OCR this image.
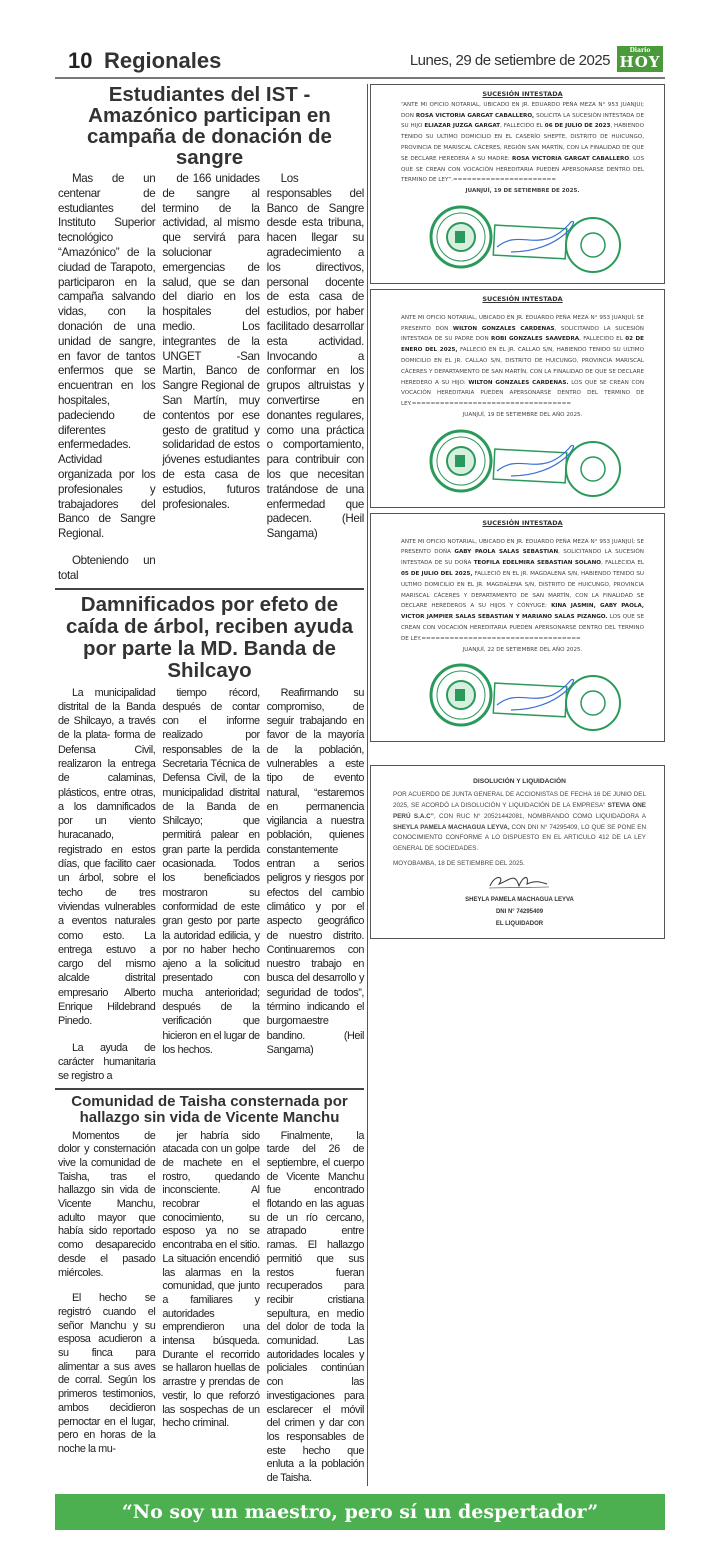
10 Regionales	Lunes, 29 de setiembre de 2025
Diario
HOY
Estudiantes del IST -Amazónico participan en campaña de donación de sangre

Mas de un centenar de estudiantes del Instituto Superior tecnológico “Amazónico” de la ciudad de Tarapoto, participaron en la campaña salvando vidas, con la donación de una unidad de sangre, en favor de tantos enfermos que se encuentran en los hospitales, padeciendo de diferentes enfermedades. Actividad organizada por los profesionales y trabajadores del Banco de Sangre Regional.

Obteniendo un total

de 166 unidades de sangre al termino de la actividad, al mismo que servirá para solucionar emergencias de salud, que se dan del diario en los hospitales del medio. Los integrantes de la UNGET -San Martin, Banco de Sangre Regional de San Martín, muy contentos por ese gesto de gratitud y solidaridad de estos jóvenes estudiantes de esta casa de estudios, futuros profesionales.

Los responsables del Banco de Sangre desde esta tribuna, hacen llegar su agradecimiento a los directivos, personal docente de esta casa de estudios, por haber facilitado desarrollar esta actividad. Invocando a conformar en los grupos altruistas y convertirse en donantes regulares, como una práctica o comportamiento, para contribuir con los que necesitan tratándose de una enfermedad que padecen. (Heil Sangama)

Damnificados por efeto de caída de árbol, reciben ayuda por parte la MD. Banda de Shilcayo

La municipalidad distrital de la Banda de Shilcayo, a través de la plata- forma de Defensa Civil, realizaron la entrega de calaminas, plásticos, entre otras, a los damnificados por un viento huracanado, registrado en estos días, que facilito caer un árbol, sobre el techo de tres viviendas vulnerables a eventos naturales como esto. La entrega estuvo a cargo del mismo alcalde distrital empresario Alberto Enrique Hildebrand Pinedo.

La ayuda de carácter humanitaria se registro a

tiempo récord, después de contar con el informe realizado por responsables de la Secretaria Técnica de Defensa Civil, de la municipalidad distrital de la Banda de Shilcayo; que permitirá palear en gran parte la perdida ocasionada. Todos los beneficiados mostraron su conformidad de este gran gesto por parte la autoridad edilicia, y por no haber hecho ajeno a la solicitud presentado con mucha anterioridad; después de la verificación que hicieron en el lugar de los hechos.

Reafirmando su compromiso, de seguir trabajando en favor de la mayoría de la población, vulnerables a este tipo de evento natural, “estaremos en permanencia vigilancia a nuestra población, quienes constantemente entran a serios peligros y riesgos por efectos del cambio climático y por el aspecto geográfico de nuestro distrito. Continuaremos con nuestro trabajo en busca del desarrollo y seguridad de todos”, término indicando el burgomaestre bandino. (Heil Sangama)

Comunidad de Taisha consternada por hallazgo sin vida de Vicente Manchu

Momentos de dolor y consternación vive la comunidad de Taisha, tras el hallazgo sin vida de Vicente Manchu, adulto mayor que había sido reportado como desaparecido desde el pasado miércoles.

El hecho se registró cuando el señor Manchu y su esposa acudieron a su finca para alimentar a sus aves de corral. Según los primeros testimonios, ambos decidieron pernoctar en el lugar, pero en horas de la noche la mu-

jer habría sido atacada con un golpe de machete en el rostro, quedando inconsciente. Al recobrar el conocimiento, su esposo ya no se encontraba en el sitio. La situación encendió las alarmas en la comunidad, que junto a familiares y autoridades emprendieron una intensa búsqueda. Durante el recorrido se hallaron huellas de arrastre y prendas de vestir, lo que reforzó las sospechas de un hecho criminal.

Finalmente, la tarde del 26 de septiembre, el cuerpo de Vicente Manchu fue encontrado flotando en las aguas de un río cercano, atrapado entre ramas. El hallazgo permitió que sus restos fueran recuperados para recibir cristiana sepultura, en medio del dolor de toda la comunidad. Las autoridades locales y policiales continúan con las investigaciones para esclarecer el móvil del crimen y dar con los responsables de este hecho que enluta a la población de Taisha.

SUCESIÓN INTESTADA
“ANTE MI OFICIO NOTARIAL, UBICADO EN JR. EDUARDO PEÑA MEZA N° 953 JUANJUI; DON ROSA VICTORIA GARGAT CABALLERO, SOLICITA LA SUCESIÓN INTESTADA DE SU HIJO ELIAZAR JUZGA GARGAT, FALLECIDO EL 06 DE JULIO DE 2023, HABIENDO TENIDO SU ULTIMO DOMICILIO EN EL CASERÍO SHEPTE, DISTRITO DE HUICUNGO, PROVINCIA DE MARISCAL CÁCERES, REGIÓN SAN MARTÍN, CON LA FINALIDAD DE QUE SE DECLARE HEREDERA A SU MADRE: ROSA VICTORIA GARGAT CABALLERO. LOS QUE SE CREAN CON VOCACIÓN HEREDITARIA PUEDEN APERSONARSE DENTRO DEL TERMINO DE LEY”.======================
JUANJUÍ, 19 DE SETIEMBRE DE 2025.
SUCESIÓN INTESTADA
ANTE MI OFICIO NOTARIAL, UBICADO EN JR. EDUARDO PEÑA MEZA N° 953 JUANJUÍ; SE PRESENTO DON WILTON GONZALES CARDENAS, SOLICITANDO LA SUCESIÓN INTESTADA DE SU PADRE DON ROBI GONZALES SAAVEDRA, FALLECIDO EL 02 DE ENERO DEL 2025, FALLECIÓ EN EL JR. CALLAO S/N, HABIENDO TENIDO SU ULTIMO DOMICILIO EN EL JR. CALLAO S/N, DISTRITO DE HUICUNGO, PROVINCIA MARISCAL CÁCERES Y DEPARTAMENTO DE SAN MARTÍN, CON LA FINALIDAD DE QUE SE DECLARE HEREDERO A SU HIJO: WILTON GONZALES CARDENAS. LOS QUE SE CREAN CON VOCACIÓN HEREDITARIA PUEDEN APERSONARSE DENTRO DEL TERMINO DE LEY.==================================
JUANJUÍ, 19 DE SETIEMBRE DEL AÑO 2025.
SUCESIÓN INTESTADA
ANTE MI OFICIO NOTARIAL, UBICADO EN JR. EDUARDO PEÑA MEZA N° 953 JUANJUÍ; SE PRESENTO DOÑA GABY PAOLA SALAS SEBASTIAN, SOLICITANDO LA SUCESIÓN INTESTADA DE SU DOÑA TEOFILA EDELMIRA SEBASTIAN SOLANO, FALLECIDA EL 05 DE JULIO DEL 2025, FALLECIÓ EN EL JR. MAGDALENA S/N, HABIENDO TENIDO SU ULTIMO DOMICILIO EN EL JR. MAGDALENA S/N, DISTRITO DE HUICUNGO, PROVINCIA MARISCAL CÁCERES Y DEPARTAMENTO DE SAN MARTÍN, CON LA FINALIDAD SE DECLARE HEREDEROS A SU HIJOS Y CÓNYUGE: KINA JASMIN, GABY PAOLA, VICTOR JAMPIER SALAS SEBASTIAN Y MARIANO SALAS PIZANGO. LOS QUE SE CREAN CON VOCACIÓN HEREDITARIA PUEDEN APERSONARSE DENTRO DEL TERMINO DE LEY.==================================
JUANJUÍ, 22 DE SETIEMBRE DEL AÑO 2025.
DISOLUCIÓN Y LIQUIDACIÓN
POR ACUERDO DE JUNTA GENERAL DE ACCIONISTAS DE FECHA 16 DE JUNIO DEL 2025, SE ACORDÓ LA DISOLUCIÓN Y LIQUIDACIÓN DE LA EMPRESA“ STEVIA ONE PERÚ S.A.C”, CON RUC N° 20521442081, NOMBRANDO COMO LIQUIDADORA A SHEYLA PAMELA MACHAGUA LEYVA, CON DNI N° 74295409, LO QUE SE PONE EN CONOCIMIENTO CONFORME A LO DISPUESTO EN EL ARTICULO 412 DE LA LEY GENERAL DE SOCIEDADES.
MOYOBAMBA, 18 DE SETIEMBRE DEL 2025.
SHEYLA PAMELA MACHAGUA LEYVA
DNI N° 74295409
EL LIQUIDADOR
“No soy un maestro, pero sí un despertador”
